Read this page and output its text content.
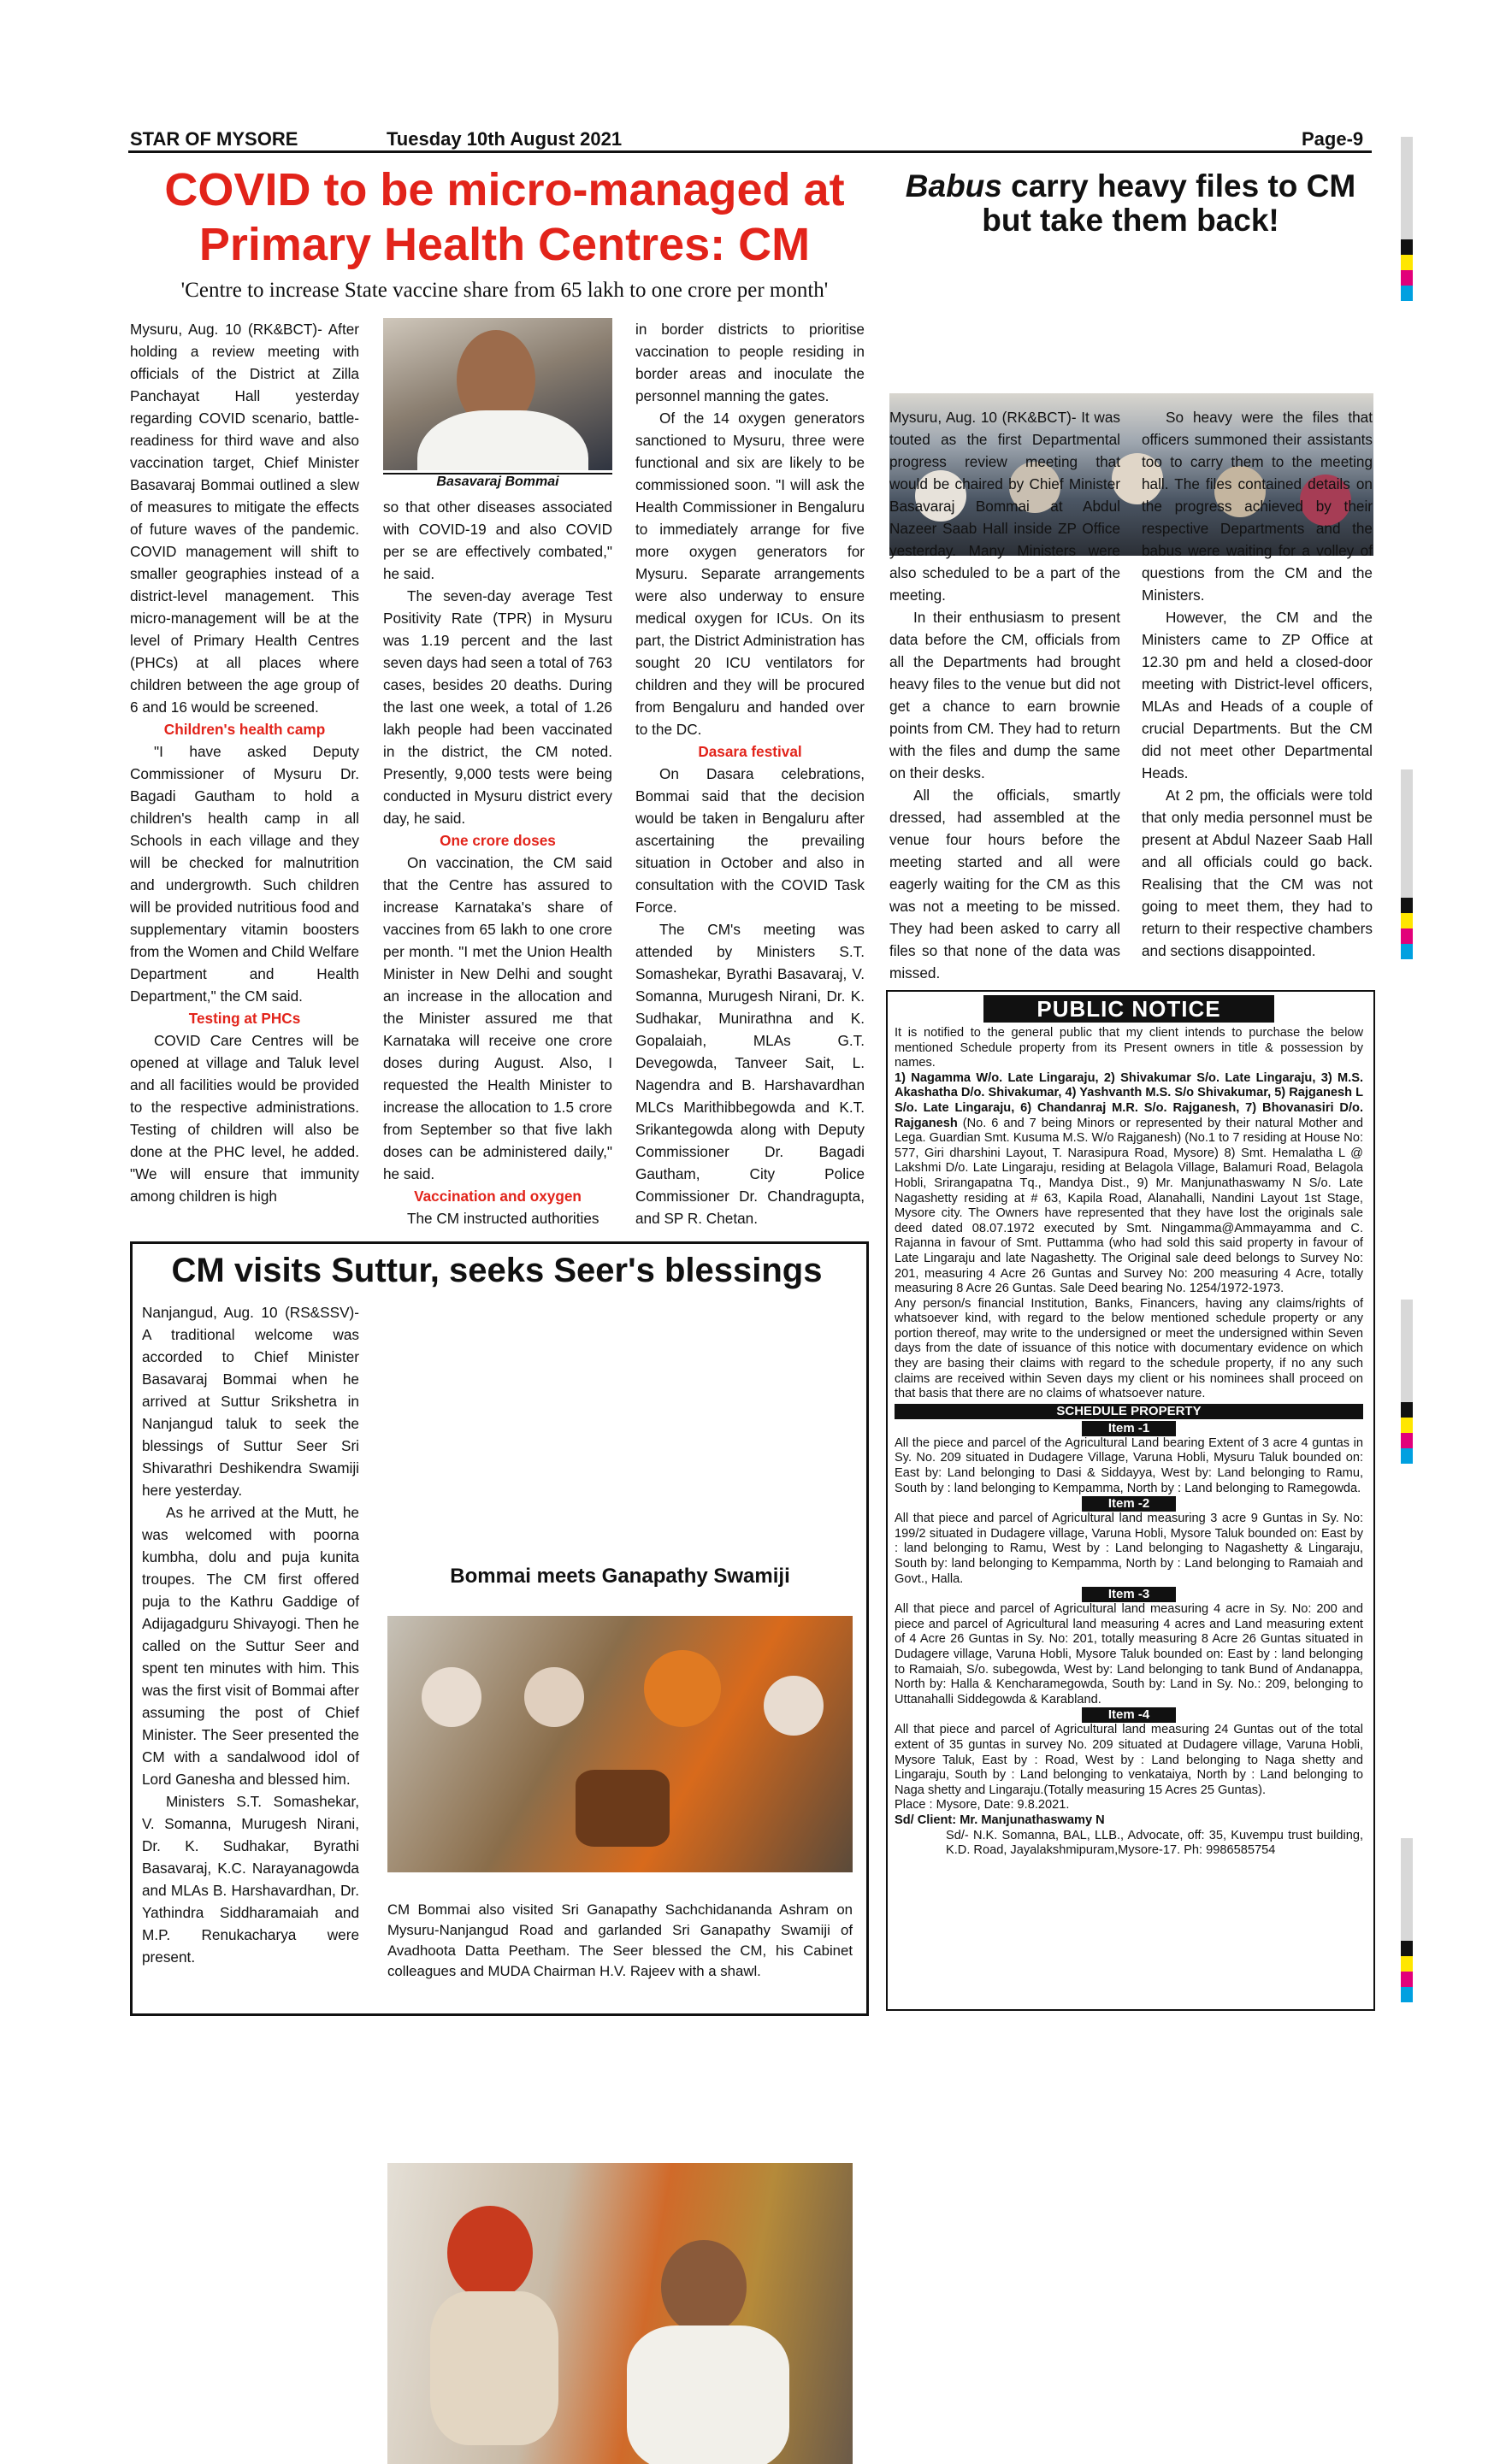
STAR OF MYSORE	Tuesday 10th August 2021	Page-9
COVID to be micro-managed at
Primary Health Centres: CM
'Centre to increase State vaccine share from 65 lakh to one crore per month'

Mysuru, Aug. 10 (RK&BCT)- After holding a review meeting with officials of the District at Zilla Panchayat Hall yesterday regarding COVID scenario, battle-readiness for third wave and also vaccination target, Chief Minister Basavaraj Bommai outlined a slew of measures to mitigate the effects of future waves of the pandemic. COVID management will shift to smaller geographies instead of a district-level management. This micro-management will be at the level of Primary Health Centres (PHCs) at all places where children between the age group of 6 and 16 would be screened.

Children's health camp

"I have asked Deputy Commissioner of Mysuru Dr. Bagadi Gautham to hold a children's health camp in all Schools in each village and they will be checked for malnutrition and undergrowth. Such children will be provided nutritious food and supplementary vitamin boosters from the Women and Child Welfare Department and Health Department," the CM said.

Testing at PHCs

COVID Care Centres will be opened at village and Taluk level and all facilities would be provided to the respective administrations. Testing of children will also be done at the PHC level, he added. "We will ensure that immunity among children is high

Basavaraj Bommai

so that other diseases associated with COVID-19 and also COVID per se are effectively combated," he said.

The seven-day average Test Positivity Rate (TPR) in Mysuru was 1.19 percent and the last seven days had seen a total of 763 cases, besides 20 deaths. During the last one week, a total of 1.26 lakh people had been vaccinated in the district, the CM noted. Presently, 9,000 tests were being conducted in Mysuru district every day, he said.

One crore doses

On vaccination, the CM said that the Centre has assured to increase Karnataka's share of vaccines from 65 lakh to one crore per month. "I met the Union Health Minister in New Delhi and sought an increase in the allocation and the Minister assured me that Karnataka will receive one crore doses during August. Also, I requested the Health Minister to increase the allocation to 1.5 crore from September so that five lakh doses can be administered daily," he said.

Vaccination and oxygen

The CM instructed authorities

in border districts to prioritise vaccination to people residing in border areas and inoculate the personnel manning the gates.

Of the 14 oxygen generators sanctioned to Mysuru, three were functional and six are likely to be commissioned soon. "I will ask the Health Commissioner in Bengaluru to immediately arrange for five more oxygen generators for Mysuru. Separate arrangements were also underway to ensure medical oxygen for ICUs. On its part, the District Administration has sought 20 ICU ventilators for children and they will be procured from Bengaluru and handed over to the DC.

Dasara festival

On Dasara celebrations, Bommai said that the decision would be taken in Bengaluru after ascertaining the prevailing situation in October and also in consultation with the COVID Task Force.

The CM's meeting was attended by Ministers S.T. Somashekar, Byrathi Basavaraj, V. Somanna, Murugesh Nirani, Dr. K. Sudhakar, Munirathna and K. Gopalaiah, MLAs G.T. Devegowda, Tanveer Sait, L. Nagendra and B. Harshavardhan MLCs Marithibbegowda and K.T. Srikantegowda along with Deputy Commissioner Dr. Bagadi Gautham, City Police Commissioner Dr. Chandragupta, and SP R. Chetan.

Babus carry heavy files to CM
but take them back!

Mysuru, Aug. 10 (RK&BCT)- It was touted as the first Departmental progress review meeting that would be chaired by Chief Minister Basavaraj Bommai at Abdul Nazeer Saab Hall inside ZP Office yesterday. Many Ministers were also scheduled to be a part of the meeting.

In their enthusiasm to present data before the CM, officials from all the Departments had brought heavy files to the venue but did not get a chance to earn brownie points from CM. They had to return with the files and dump the same on their desks.

All the officials, smartly dressed, had assembled at the venue four hours before the meeting started and all were eagerly waiting for the CM as this was not a meeting to be missed. They had been asked to carry all files so that none of the data was missed.

So heavy were the files that officers summoned their assistants too to carry them to the meeting hall. The files contained details on the progress achieved by their respective Departments and the babus were waiting for a volley of questions from the CM and the Ministers.

However, the CM and the Ministers came to ZP Office at 12.30 pm and held a closed-door meeting with District-level officers, MLAs and Heads of a couple of crucial Departments. But the CM did not meet other Departmental Heads.

At 2 pm, the officials were told that only media personnel must be present at Abdul Nazeer Saab Hall and all officials could go back. Realising that the CM was not going to meet them, they had to return to their respective chambers and sections disappointed.

CM visits Suttur, seeks Seer's blessings

Nanjangud, Aug. 10 (RS&SSV)- A traditional welcome was accorded to Chief Minister Basavaraj Bommai when he arrived at Suttur Srikshetra in Nanjangud taluk to seek the blessings of Suttur Seer Sri Shivarathri Deshikendra Swamiji here yesterday.

As he arrived at the Mutt, he was welcomed with poorna kumbha, dolu and puja kunita troupes. The CM first offered puja to the Kathru Gaddige of Adijagadguru Shivayogi. Then he called on the Suttur Seer and spent ten minutes with him. This was the first visit of Bommai after assuming the post of Chief Minister. The Seer presented the CM with a sandalwood idol of Lord Ganesha and blessed him.

Ministers S.T. Somashekar, V. Somanna, Murugesh Nirani, Dr. K. Sudhakar, Byrathi Basavaraj, K.C. Narayanagowda and MLAs B. Harshavardhan, Dr. Yathindra Siddharamaiah and M.P. Renukacharya were present.

Bommai meets Ganapathy Swamiji
CM Bommai also visited Sri Ganapathy Sachchidananda Ashram on Mysuru-Nanjangud Road and garlanded Sri Ganapathy Swamiji of Avadhoota Datta Peetham. The Seer blessed the CM, his Cabinet colleagues and MUDA Chairman H.V. Rajeev with a shawl.
PUBLIC NOTICE
It is notified to the general public that my client intends to purchase the below mentioned Schedule property from its Present owners in title & possession by names.
1) Nagamma W/o. Late Lingaraju, 2) Shivakumar S/o. Late Lingaraju, 3) M.S. Akashatha D/o. Shivakumar, 4) Yashvanth M.S. S/o Shivakumar, 5) Rajganesh L S/o. Late Lingaraju, 6) Chandanraj M.R. S/o. Rajganesh, 7) Bhovanasiri D/o. Rajganesh (No. 6 and 7 being Minors or represented by their natural Mother and Lega. Guardian Smt. Kusuma M.S. W/o Rajganesh) (No.1 to 7 residing at House No: 577, Giri dharshini Layout, T. Narasipura Road, Mysore) 8) Smt. Hemalatha L @ Lakshmi D/o. Late Lingaraju, residing at Belagola Village, Balamuri Road, Belagola Hobli, Srirangapatna Tq., Mandya Dist., 9) Mr. Manjunathaswamy N S/o. Late Nagashetty residing at # 63, Kapila Road, Alanahalli, Nandini Layout 1st Stage, Mysore city. The Owners have represented that they have lost the originals sale deed dated 08.07.1972 executed by Smt. Ningamma@Ammayamma and C. Rajanna in favour of Smt. Puttamma (who had sold this said property in favour of Late Lingaraju and late Nagashetty. The Original sale deed belongs to Survey No: 201, measuring 4 Acre 26 Guntas and Survey No: 200 measuring 4 Acre, totally measuring 8 Acre 26 Guntas. Sale Deed bearing No. 1254/1972-1973.
Any person/s financial Institution, Banks, Financers, having any claims/rights of whatsoever kind, with regard to the below mentioned schedule property or any portion thereof, may write to the undersigned or meet the undersigned within Seven days from the date of issuance of this notice with documentary evidence on which they are basing their claims with regard to the schedule property, if no any such claims are received within Seven days my client or his nominees shall proceed on that basis that there are no claims of whatsoever nature.
SCHEDULE PROPERTY
Item -1
All the piece and parcel of the Agricultural Land bearing Extent of 3 acre 4 guntas in Sy. No. 209 situated in Dudagere Village, Varuna Hobli, Mysuru Taluk bounded on: East by: Land belonging to Dasi & Siddayya, West by: Land belonging to Ramu, South by : land belonging to Kempamma, North by : Land belonging to Ramegowda.
Item -2
All that piece and parcel of Agricultural land measuring 3 acre 9 Guntas in Sy. No: 199/2 situated in Dudagere village, Varuna Hobli, Mysore Taluk bounded on: East by : land belonging to Ramu, West by : Land belonging to Nagashetty & Lingaraju, South by: land belonging to Kempamma, North by : Land belonging to Ramaiah and Govt., Halla.
Item -3
All that piece and parcel of Agricultural land measuring 4 acre in Sy. No: 200 and piece and parcel of Agricultural land measuring 4 acres and Land measuring extent of 4 Acre 26 Guntas in Sy. No: 201, totally measuring 8 Acre 26 Guntas situated in Dudagere village, Varuna Hobli, Mysore Taluk bounded on: East by : land belonging to Ramaiah, S/o. subegowda, West by: Land belonging to tank Bund of Andanappa, North by: Halla & Kencharamegowda, South by: Land in Sy. No.: 209, belonging to Uttanahalli Siddegowda & Karabland.
Item -4
All that piece and parcel of Agricultural land measuring 24 Guntas out of the total extent of 35 guntas in survey No. 209 situated at Dudagere village, Varuna Hobli, Mysore Taluk, East by : Road, West by : Land belonging to Naga shetty and Lingaraju, South by : Land belonging to venkataiya, North by : Land belonging to Naga shetty and Lingaraju.(Totally measuring 15 Acres 25 Guntas).
Place : Mysore, Date: 9.8.2021.
Sd/ Client: Mr. Manjunathaswamy N
Sd/- N.K. Somanna, BAL, LLB., Advocate, off: 35, Kuvempu trust building, K.D. Road, Jayalakshmipuram,Mysore-17. Ph: 9986585754
